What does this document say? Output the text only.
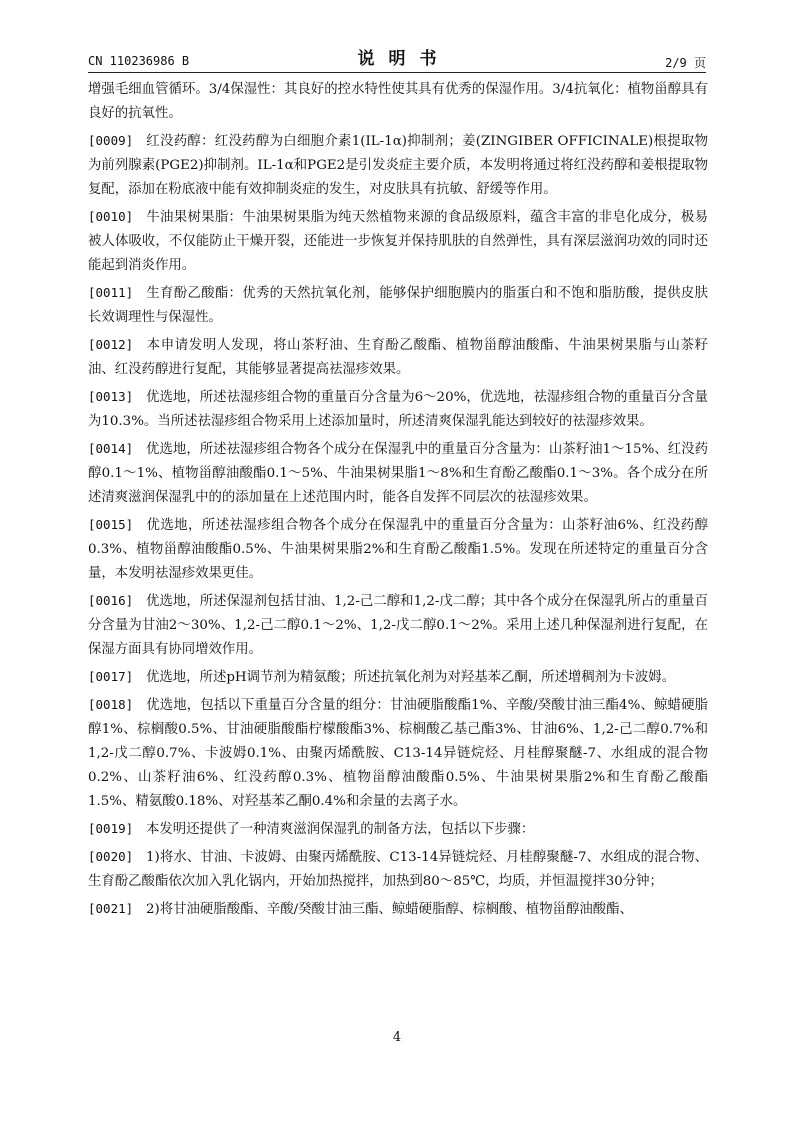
CN 110236986 B	说明书	2/9 页

增强毛细血管循环。3/4保湿性：其良好的控水特性使其具有优秀的保湿作用。3/4抗氧化：植物甾醇具有良好的抗氧性。

[0009] 红没药醇：红没药醇为白细胞介素1(IL-1α)抑制剂；姜(ZINGIBER OFFICINALE)根提取物为前列腺素(PGE2)抑制剂。IL-1α和PGE2是引发炎症主要介质，本发明将通过将红没药醇和姜根提取物复配，添加在粉底液中能有效抑制炎症的发生，对皮肤具有抗敏、舒缓等作用。

[0010] 牛油果树果脂：牛油果树果脂为纯天然植物来源的食品级原料，蕴含丰富的非皂化成分，极易被人体吸收，不仅能防止干燥开裂，还能进一步恢复并保持肌肤的自然弹性，具有深层滋润功效的同时还能起到消炎作用。

[0011] 生育酚乙酸酯：优秀的天然抗氧化剂，能够保护细胞膜内的脂蛋白和不饱和脂肪酸，提供皮肤长效调理性与保湿性。

[0012] 本申请发明人发现，将山茶籽油、生育酚乙酸酯、植物甾醇油酸酯、牛油果树果脂与山茶籽油、红没药醇进行复配，其能够显著提高祛湿疹效果。

[0013] 优选地，所述祛湿疹组合物的重量百分含量为6～20%，优选地，祛湿疹组合物的重量百分含量为10.3%。当所述祛湿疹组合物采用上述添加量时，所述清爽保湿乳能达到较好的祛湿疹效果。

[0014] 优选地，所述祛湿疹组合物各个成分在保湿乳中的重量百分含量为：山茶籽油1～15%、红没药醇0.1～1%、植物甾醇油酸酯0.1～5%、牛油果树果脂1～8%和生育酚乙酸酯0.1～3%。各个成分在所述清爽滋润保湿乳中的的添加量在上述范围内时，能各自发挥不同层次的祛湿疹效果。

[0015] 优选地，所述祛湿疹组合物各个成分在保湿乳中的重量百分含量为：山茶籽油6%、红没药醇0.3%、植物甾醇油酸酯0.5%、牛油果树果脂2%和生育酚乙酸酯1.5%。发现在所述特定的重量百分含量，本发明祛湿疹效果更佳。

[0016] 优选地，所述保湿剂包括甘油、1,2-己二醇和1,2-戊二醇；其中各个成分在保湿乳所占的重量百分含量为甘油2～30%、1,2-己二醇0.1～2%、1,2-戊二醇0.1～2%。采用上述几种保湿剂进行复配，在保湿方面具有协同增效作用。

[0017] 优选地，所述pH调节剂为精氨酸；所述抗氧化剂为对羟基苯乙酮，所述增稠剂为卡波姆。

[0018] 优选地，包括以下重量百分含量的组分：甘油硬脂酸酯1%、辛酸/癸酸甘油三酯4%、鲸蜡硬脂醇1%、棕榈酸0.5%、甘油硬脂酸酯柠檬酸酯3%、棕榈酸乙基己酯3%、甘油6%、1,2-己二醇0.7%和1,2-戊二醇0.7%、卡波姆0.1%、由聚丙烯酰胺、C13-14异链烷烃、月桂醇聚醚-7、水组成的混合物0.2%、山茶籽油6%、红没药醇0.3%、植物甾醇油酸酯0.5%、牛油果树果脂2%和生育酚乙酸酯1.5%、精氨酸0.18%、对羟基苯乙酮0.4%和余量的去离子水。

[0019] 本发明还提供了一种清爽滋润保湿乳的制备方法，包括以下步骤：

[0020] 1)将水、甘油、卡波姆、由聚丙烯酰胺、C13-14异链烷烃、月桂醇聚醚-7、水组成的混合物、生育酚乙酸酯依次加入乳化锅内，开始加热搅拌，加热到80～85℃，均质，并恒温搅拌30分钟；

[0021] 2)将甘油硬脂酸酯、辛酸/癸酸甘油三酯、鲸蜡硬脂醇、棕榈酸、植物甾醇油酸酯、

4
